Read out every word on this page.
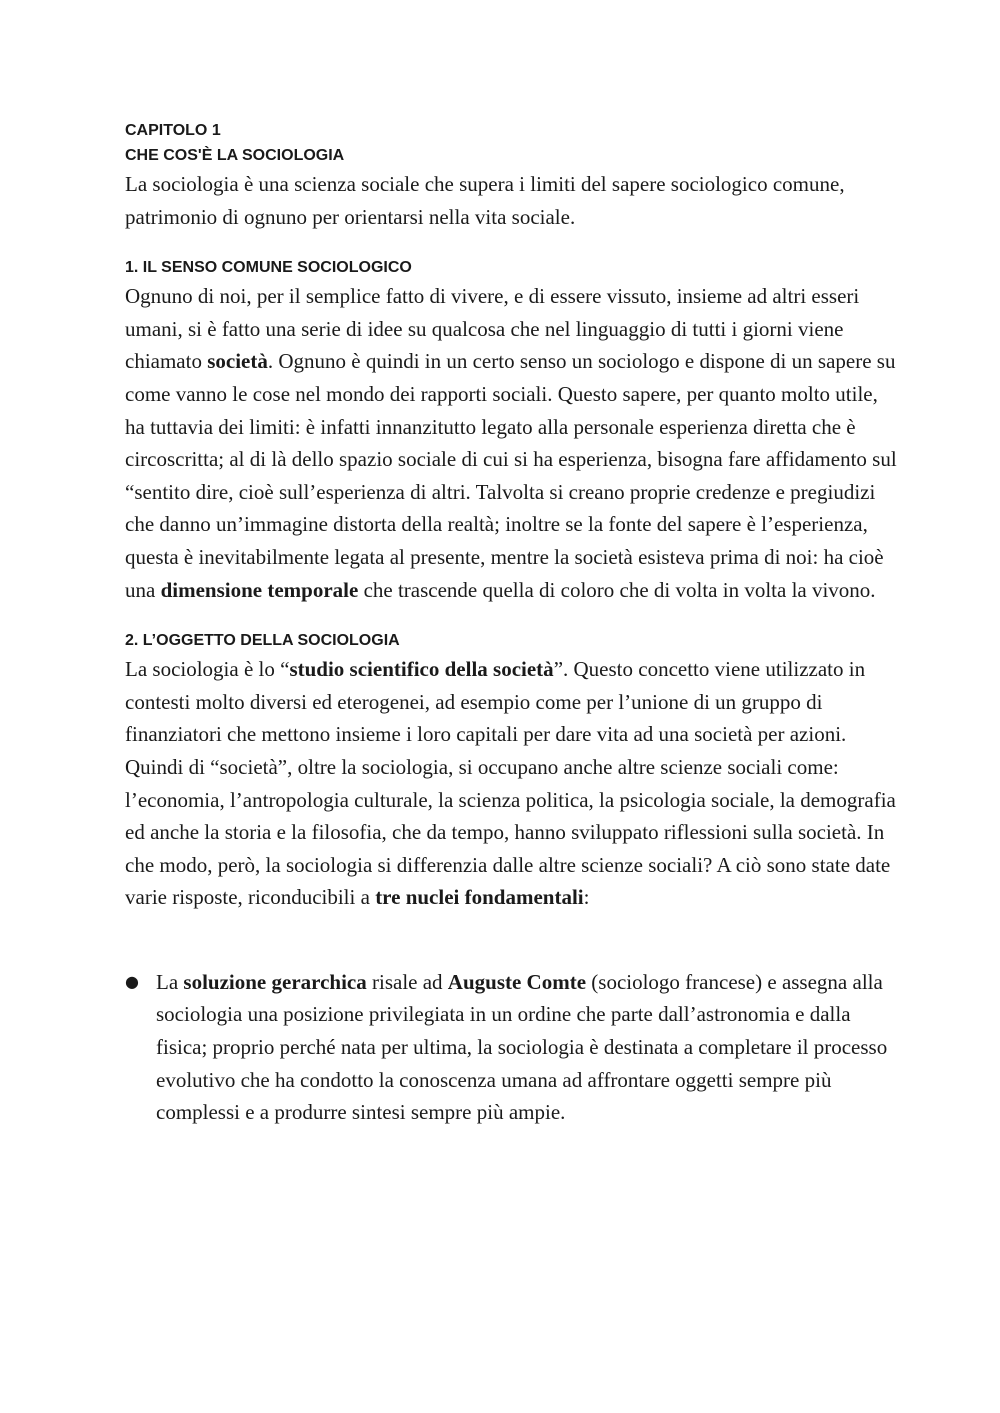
CAPITOLO 1

CHE COS'È LA SOCIOLOGIA

La sociologia è una scienza sociale che supera i limiti del sapere sociologico comune, patrimonio di ognuno per orientarsi nella vita sociale.

1. IL SENSO COMUNE SOCIOLOGICO

Ognuno di noi, per il semplice fatto di vivere, e di essere vissuto, insieme ad altri esseri umani, si è fatto una serie di idee su qualcosa che nel linguaggio di tutti i giorni viene chiamato società. Ognuno è quindi in un certo senso un sociologo e dispone di un sapere su come vanno le cose nel mondo dei rapporti sociali. Questo sapere, per quanto molto utile, ha tuttavia dei limiti: è infatti innanzitutto legato alla personale esperienza diretta che è circoscritta; al di là dello spazio sociale di cui si ha esperienza, bisogna fare affidamento sul “sentito dire, cioè sull’esperienza di altri. Talvolta si creano proprie credenze e pregiudizi che danno un’immagine distorta della realtà; inoltre se la fonte del sapere è l’esperienza, questa è inevitabilmente legata al presente, mentre la società esisteva prima di noi: ha cioè una dimensione temporale che trascende quella di coloro che di volta in volta la vivono.

2. L’OGGETTO DELLA SOCIOLOGIA

La sociologia è lo “studio scientifico della società”. Questo concetto viene utilizzato in contesti molto diversi ed eterogenei, ad esempio come per l’unione di un gruppo di finanziatori che mettono insieme i loro capitali per dare vita ad una società per azioni. Quindi di “società”, oltre la sociologia, si occupano anche altre scienze sociali come: l’economia, l’antropologia culturale, la scienza politica, la psicologia sociale, la demografia ed anche la storia e la filosofia, che da tempo, hanno sviluppato riflessioni sulla società. In che modo, però, la sociologia si differenzia dalle altre scienze sociali? A ciò sono state date varie risposte, riconducibili a tre nuclei fondamentali:

● La soluzione gerarchica risale ad Auguste Comte (sociologo francese) e assegna alla sociologia una posizione privilegiata in un ordine che parte dall’astronomia e dalla fisica; proprio perché nata per ultima, la sociologia è destinata a completare il processo evolutivo che ha condotto la conoscenza umana ad affrontare oggetti sempre più complessi e a produrre sintesi sempre più ampie.
